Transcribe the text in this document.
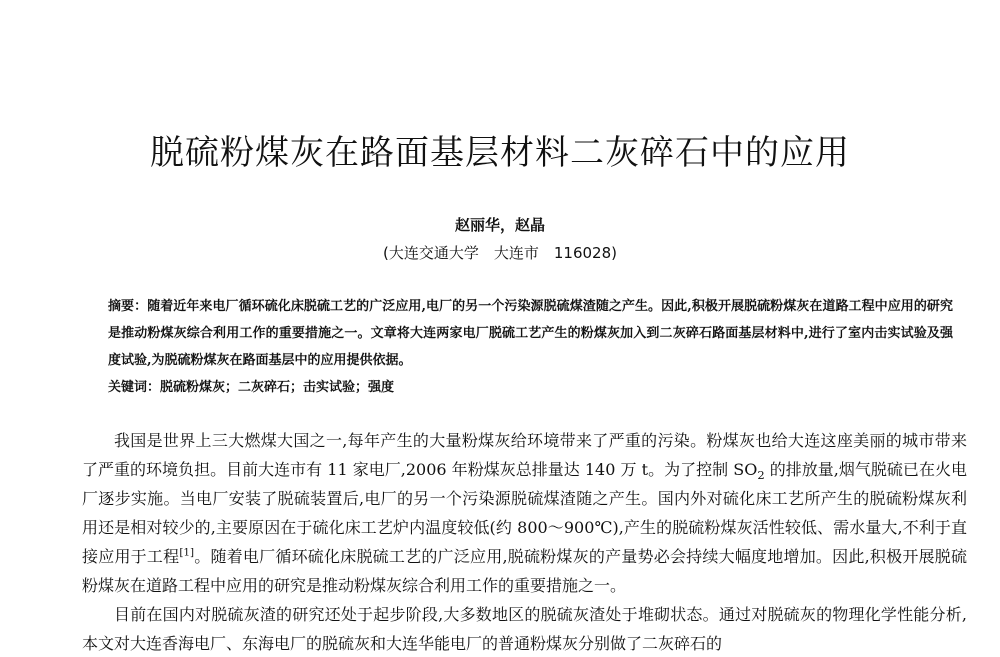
脱硫粉煤灰在路面基层材料二灰碎石中的应用
赵丽华，赵晶
(大连交通大学　大连市　116028)
摘要：随着近年来电厂循环硫化床脱硫工艺的广泛应用,电厂的另一个污染源脱硫煤渣随之产生。因此,积极开展脱硫粉煤灰在道路工程中应用的研究是推动粉煤灰综合利用工作的重要措施之一。文章将大连两家电厂脱硫工艺产生的粉煤灰加入到二灰碎石路面基层材料中,进行了室内击实试验及强度试验,为脱硫粉煤灰在路面基层中的应用提供依据。
关键词：脱硫粉煤灰；二灰碎石；击实试验；强度

我国是世界上三大燃煤大国之一,每年产生的大量粉煤灰给环境带来了严重的污染。粉煤灰也给大连这座美丽的城市带来了严重的环境负担。目前大连市有 11 家电厂,2006 年粉煤灰总排量达 140 万 t。为了控制 $SO_2$ 的排放量,烟气脱硫已在火电厂逐步实施。当电厂安装了脱硫装置后,电厂的另一个污染源脱硫煤渣随之产生。国内外对硫化床工艺所产生的脱硫粉煤灰利用还是相对较少的,主要原因在于硫化床工艺炉内温度较低(约 800～900℃),产生的脱硫粉煤灰活性较低、需水量大,不利于直接应用于工程[1]。随着电厂循环硫化床脱硫工艺的广泛应用,脱硫粉煤灰的产量势必会持续大幅度地增加。因此,积极开展脱硫粉煤灰在道路工程中应用的研究是推动粉煤灰综合利用工作的重要措施之一。

目前在国内对脱硫灰渣的研究还处于起步阶段,大多数地区的脱硫灰渣处于堆砌状态。通过对脱硫灰的物理化学性能分析,本文对大连香海电厂、东海电厂的脱硫灰和大连华能电厂的普通粉煤灰分别做了二灰碎石的
